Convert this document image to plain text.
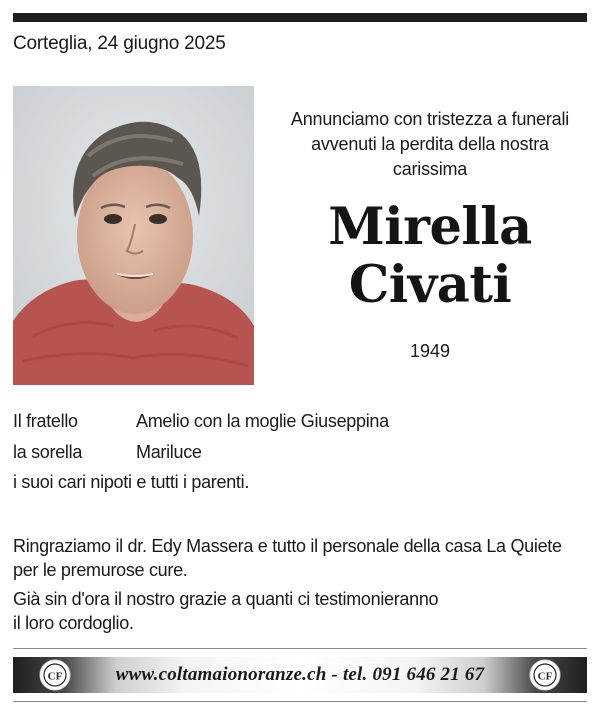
Corteglia, 24 giugno 2025
Annunciamo con tristezza a funerali
avvenuti la perdita della nostra
carissima
Mirella
Civati
1949
Il fratello	Amelio con la moglie Giuseppina
la sorella	Mariluce
i suoi cari nipoti e tutti i parenti.
Ringraziamo il dr. Edy Massera e tutto il personale della casa La Quiete
per le premurose cure.
Già sin d'ora il nostro grazie a quanti ci testimonieranno
il loro cordoglio.
CF	www.coltamaionoranze.ch - tel. 091 646 21 67	CF
